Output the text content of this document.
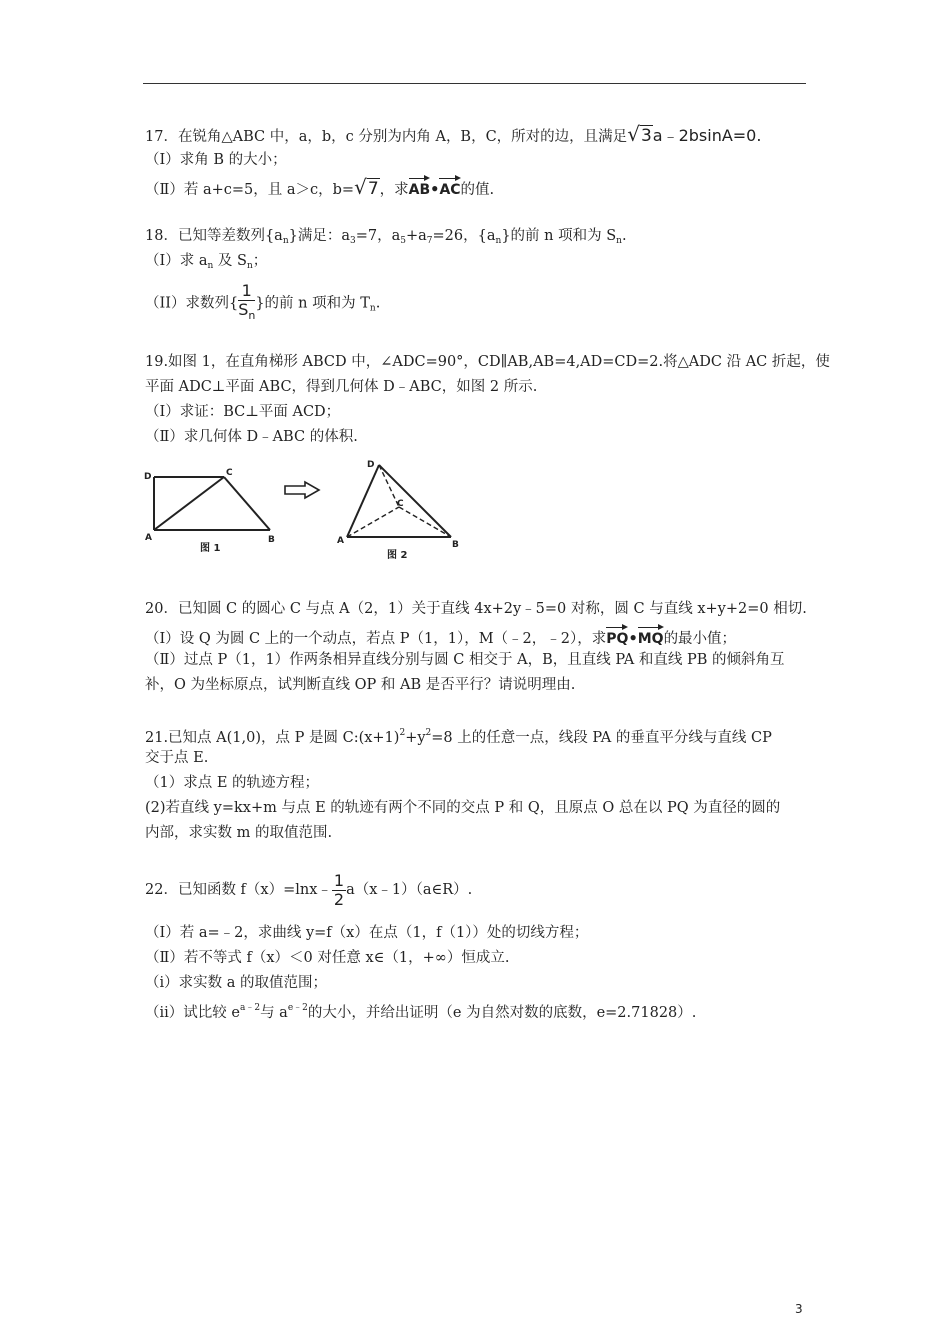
17．在锐角△ABC 中，a，b，c 分别为内角 A，B，C，所对的边，且满足√3a﹣2bsinA=0.
（Ⅰ）求角 B 的大小；
（Ⅱ）若 a+c=5，且 a＞c，b=√7，求
AB•
AC的值.
18．已知等差数列$\{a_n\}$满足：$a_3=7$，$a_5+a_7=26$，$\{a_n\}$的前 n 项和为 $S_n$.
（I）求 $a_n$ 及 $S_n$；
（II）求数列{ $\frac{1}{S_n}$ }的前 n 项和为 $T_n$.
19.如图 1，在直角梯形 ABCD 中，∠ADC=90°，CD∥AB,AB=4,AD=CD=2.将△ADC 沿 AC 折起，使
平面 ADC⊥平面 ABC，得到几何体 D﹣ABC，如图 2 所示.
（Ⅰ）求证：BC⊥平面 ACD；
（Ⅱ）求几何体 D﹣ABC 的体积.
D	C
A	B
图 1
D
C
A	B
图 2
20．已知圆 C 的圆心 C 与点 A（2，1）关于直线 4x+2y﹣5=0 对称，圆 C 与直线 x+y+2=0 相切.
（Ⅰ）设 Q 为圆 C 上的一个动点，若点 P（1，1），M（﹣2，﹣2），求
PQ•
MQ的最小值；
（Ⅱ）过点 P（1，1）作两条相异直线分别与圆 C 相交于 A，B，且直线 PA 和直线 PB 的倾斜角互
补，O 为坐标原点，试判断直线 OP 和 AB 是否平行？请说明理由.
21.已知点 A(1,0)，点 P 是圆 $C:(x+1)^2+y^2=8$ 上的任意一点，线段 PA 的垂直平分线与直线 CP
交于点 E.
（1）求点 E 的轨迹方程；
(2)若直线 y=kx+m 与点 E 的轨迹有两个不同的交点 P 和 Q，且原点 O 总在以 PQ 为直径的圆的
内部，求实数 m 的取值范围.
22．已知函数 f（x）=lnx﹣ $\frac{1}{2}$ a（x﹣1）（a∈R）.
（Ⅰ）若 a=﹣2，求曲线 y=f（x）在点（1，f（1））处的切线方程；
（Ⅱ）若不等式 f（x）＜0 对任意 x∈（1，+∞）恒成立.
（ⅰ）求实数 a 的取值范围；
（ⅱ）试比较 $e^{a﹣2}$与 $a^{e﹣2}$的大小，并给出证明（e 为自然对数的底数，e=2.71828）.
3
